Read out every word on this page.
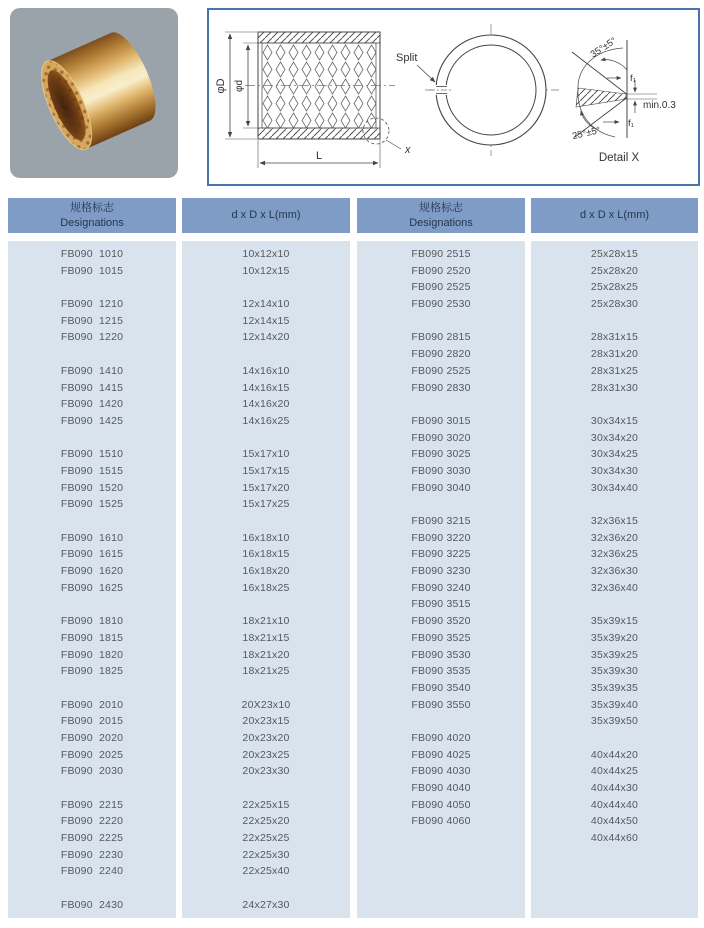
φD φd
L	x
Split	35°±5°
f₁
min.0.3
f₁
25°±5°
Detail X
规格标志
Designations
d x D x L(mm)
规格标志
Designations
d x D x L(mm)
FB090  1010
FB090  1015
FB090  1210
FB090  1215
FB090  1220
FB090  1410
FB090  1415
FB090  1420
FB090  1425
FB090  1510
FB090  1515
FB090  1520
FB090  1525
FB090  1610
FB090  1615
FB090  1620
FB090  1625
FB090  1810
FB090  1815
FB090  1820
FB090  1825
FB090  2010
FB090  2015
FB090  2020
FB090  2025
FB090  2030
FB090  2215
FB090  2220
FB090  2225
FB090  2230
FB090  2240
FB090  2430
10x12x10
10x12x15
12x14x10
12x14x15
12x14x20
14x16x10
14x16x15
14x16x20
14x16x25
15x17x10
15x17x15
15x17x20
15x17x25
16x18x10
16x18x15
16x18x20
16x18x25
18x21x10
18x21x15
18x21x20
18x21x25
20X23x10
20x23x15
20x23x20
20x23x25
20x23x30
22x25x15
22x25x20
22x25x25
22x25x30
22x25x40
24x27x30
FB090 2515
FB090 2520
FB090 2525
FB090 2530
FB090 2815
FB090 2820
FB090 2525
FB090 2830
FB090 3015
FB090 3020
FB090 3025
FB090 3030
FB090 3040
FB090 3215
FB090 3220
FB090 3225
FB090 3230
FB090 3240
FB090 3515
FB090 3520
FB090 3525
FB090 3530
FB090 3535
FB090 3540
FB090 3550
FB090 4020
FB090 4025
FB090 4030
FB090 4040
FB090 4050
FB090 4060
25x28x15
25x28x20
25x28x25
25x28x30
28x31x15
28x31x20
28x31x25
28x31x30
30x34x15
30x34x20
30x34x25
30x34x30
30x34x40
32x36x15
32x36x20
32x36x25
32x36x30
32x36x40
35x39x15
35x39x20
35x39x25
35x39x30
35x39x35
35x39x40
35x39x50
40x44x20
40x44x25
40x44x30
40x44x40
40x44x50
40x44x60
